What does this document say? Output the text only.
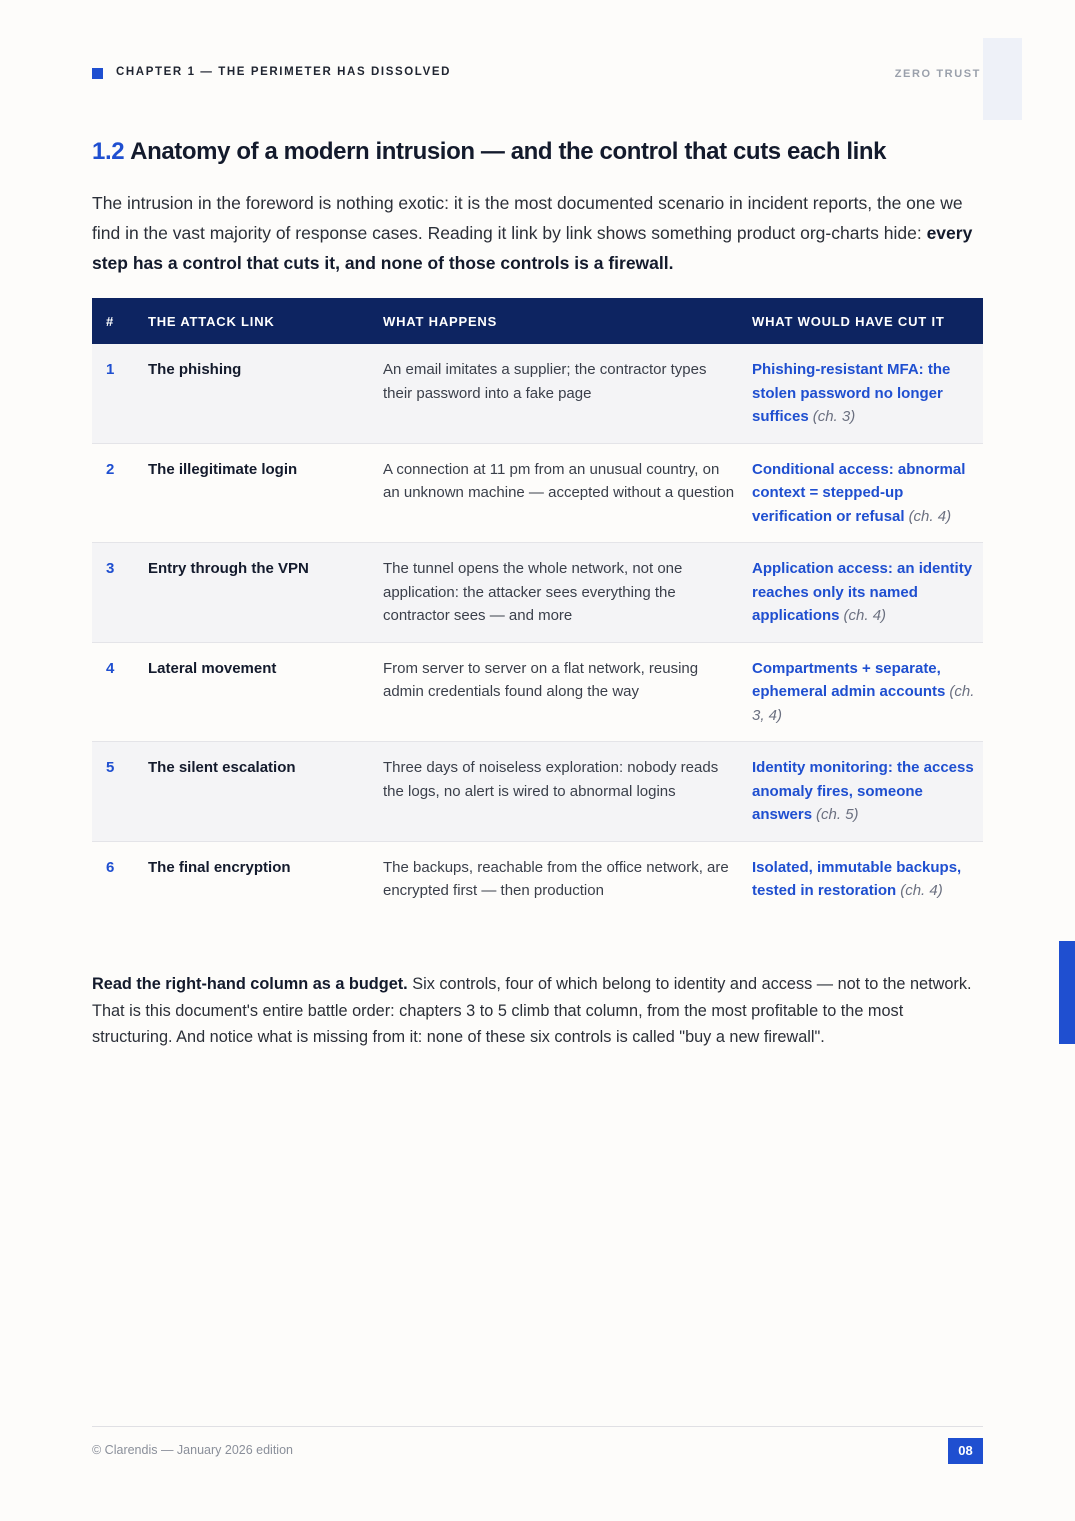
CHAPTER 1 — THE PERIMETER HAS DISSOLVED	ZERO TRUST
1.2 Anatomy of a modern intrusion — and the control that cuts each link

The intrusion in the foreword is nothing exotic: it is the most documented scenario in incident reports, the one we find in the vast majority of response cases. Reading it link by link shows something product org-charts hide: every step has a control that cuts it, and none of those controls is a firewall.

#	THE ATTACK LINK	WHAT HAPPENS	WHAT WOULD HAVE CUT IT
1	The phishing	An email imitates a supplier; the contractor types their password into a fake page	Phishing-resistant MFA: the stolen password no longer suffices (ch. 3)
2	The illegitimate login	A connection at 11 pm from an unusual country, on an unknown machine — accepted without a question	Conditional access: abnormal context = stepped-up verification or refusal (ch. 4)
3	Entry through the VPN	The tunnel opens the whole network, not one application: the attacker sees everything the contractor sees — and more	Application access: an identity reaches only its named applications (ch. 4)
4	Lateral movement	From server to server on a flat network, reusing admin credentials found along the way	Compartments + separate, ephemeral admin accounts (ch. 3, 4)
5	The silent escalation	Three days of noiseless exploration: nobody reads the logs, no alert is wired to abnormal logins	Identity monitoring: the access anomaly fires, someone answers (ch. 5)
6	The final encryption	The backups, reachable from the office network, are encrypted first — then production	Isolated, immutable backups, tested in restoration (ch. 4)

Read the right-hand column as a budget. Six controls, four of which belong to identity and access — not to the network. That is this document's entire battle order: chapters 3 to 5 climb that column, from the most profitable to the most structuring. And notice what is missing from it: none of these six controls is called "buy a new firewall".

© Clarendis — January 2026 edition	08
